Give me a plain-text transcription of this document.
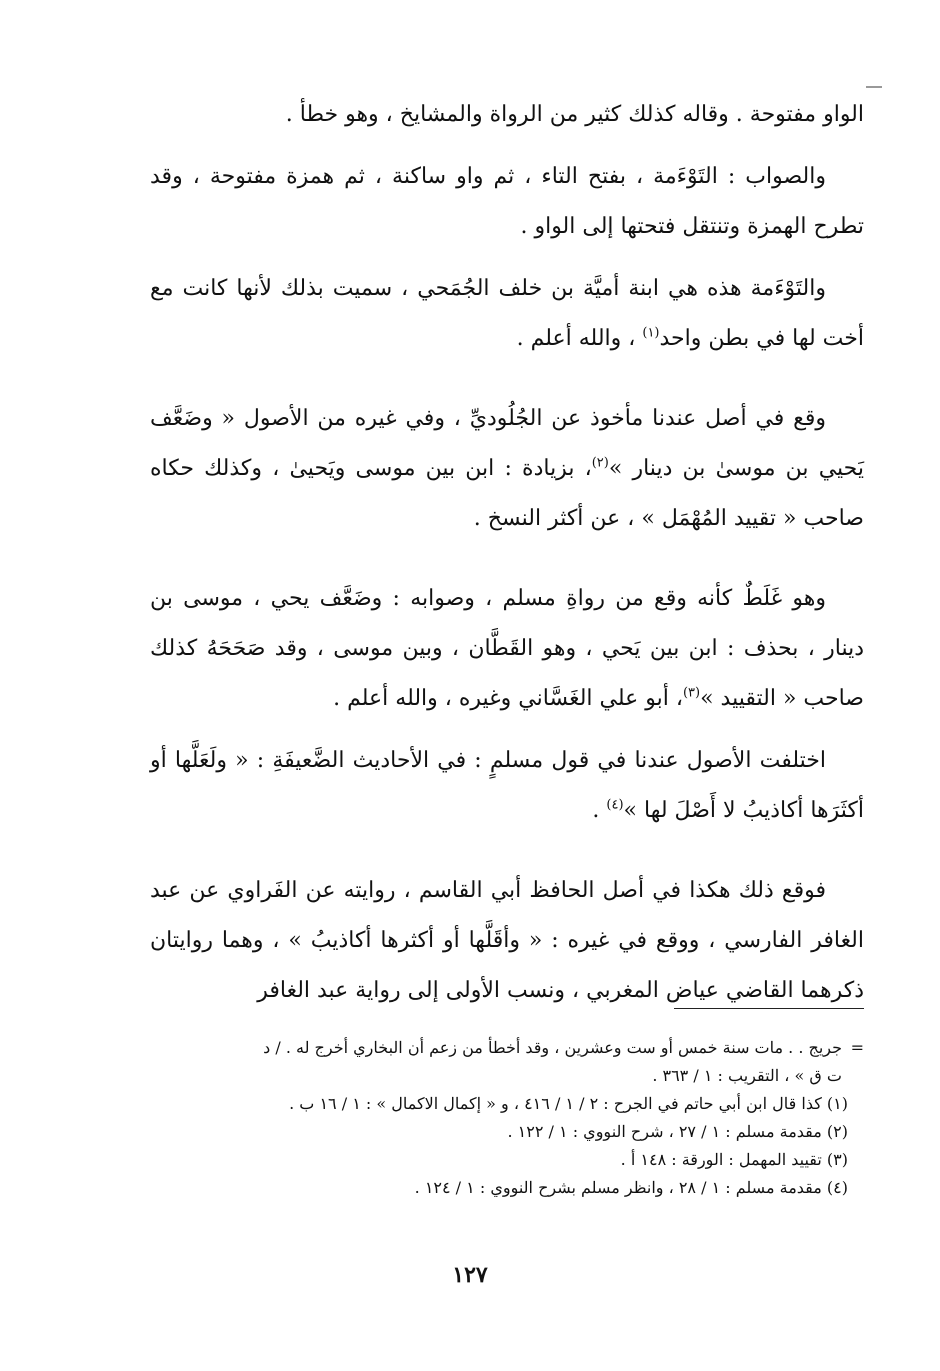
الواو مفتوحة . وقاله كذلك كثير من الرواة والمشايخ ، وهو خطأ .

والصواب : التَوْءَمة ، بفتح التاء ، ثم واو ساكنة ، ثم همزة مفتوحة ، وقد تطرح الهمزة وتنتقل فتحتها إلى الواو .

والتَوْءَمة هذه هي ابنة أميَّة بن خلف الجُمَحي ، سميت بذلك لأنها كانت مع أخت لها في بطن واحد$^{(١)}$ ، والله أعلم .

وقع في أصل عندنا مأخوذ عن الجُلُوديِّ ، وفي غيره من الأصول « وضَعَّف يَحيي بن موسىٰ بن دينار »$^{(٢)}$، بزيادة : ابن بين موسى ويَحيىٰ ، وكذلك حكاه صاحب « تقييد المُهْمَل » ، عن أكثر النسخ .

وهو غَلَطٌ كأنه وقع من رواةِ مسلم ، وصوابه : وضَعَّف يحي ، موسى بن دينار ، بحذف : ابن بين يَحي ، وهو القَطَّان ، وبين موسى ، وقد صَحَحَهُ كذلك صاحب « التقييد »$^{(٣)}$، أبو علي الغَسَّاني وغيره ، والله أعلم .

اختلفت الأصول عندنا في قول مسلمٍ : في الأحاديث الضَّعيفَةِ : « ولَعَلَّها أو أكثَرَها أكاذيبُ لا أَصْلَ لها »$^{(٤)}$ .

فوقع ذلك هكذا في أصل الحافظ أبي القاسم ، روايته عن الفَراوي عن عبد الغافر الفارسي ، ووقع في غيره : « وأقَلَّها أو أكثرها أكاذيبُ » ، وهما روايتان ذكرهما القاضي عياض المغربي ، ونسب الأولى إلى رواية عبد الغافر

=جريج . . مات سنة خمس أو ست وعشرين ، وقد أخطأ من زعم أن البخاري أخرج له . / د

ت ق » ، التقريب : ١ / ٣٦٣ .

(١) كذا قال ابن أبي حاتم في الجرح : ٢ / ١ / ٤١٦ ، و « إكمال الاكمال » : ١ / ١٦ ب .

(٢) مقدمة مسلم : ١ / ٢٧ ، شرح النووي : ١ / ١٢٢ .

(٣) تقييد المهمل : الورقة : ١٤٨ أ .

(٤) مقدمة مسلم : ١ / ٢٨ ، وانظر مسلم بشرح النووي : ١ / ١٢٤ .

١٢٧
